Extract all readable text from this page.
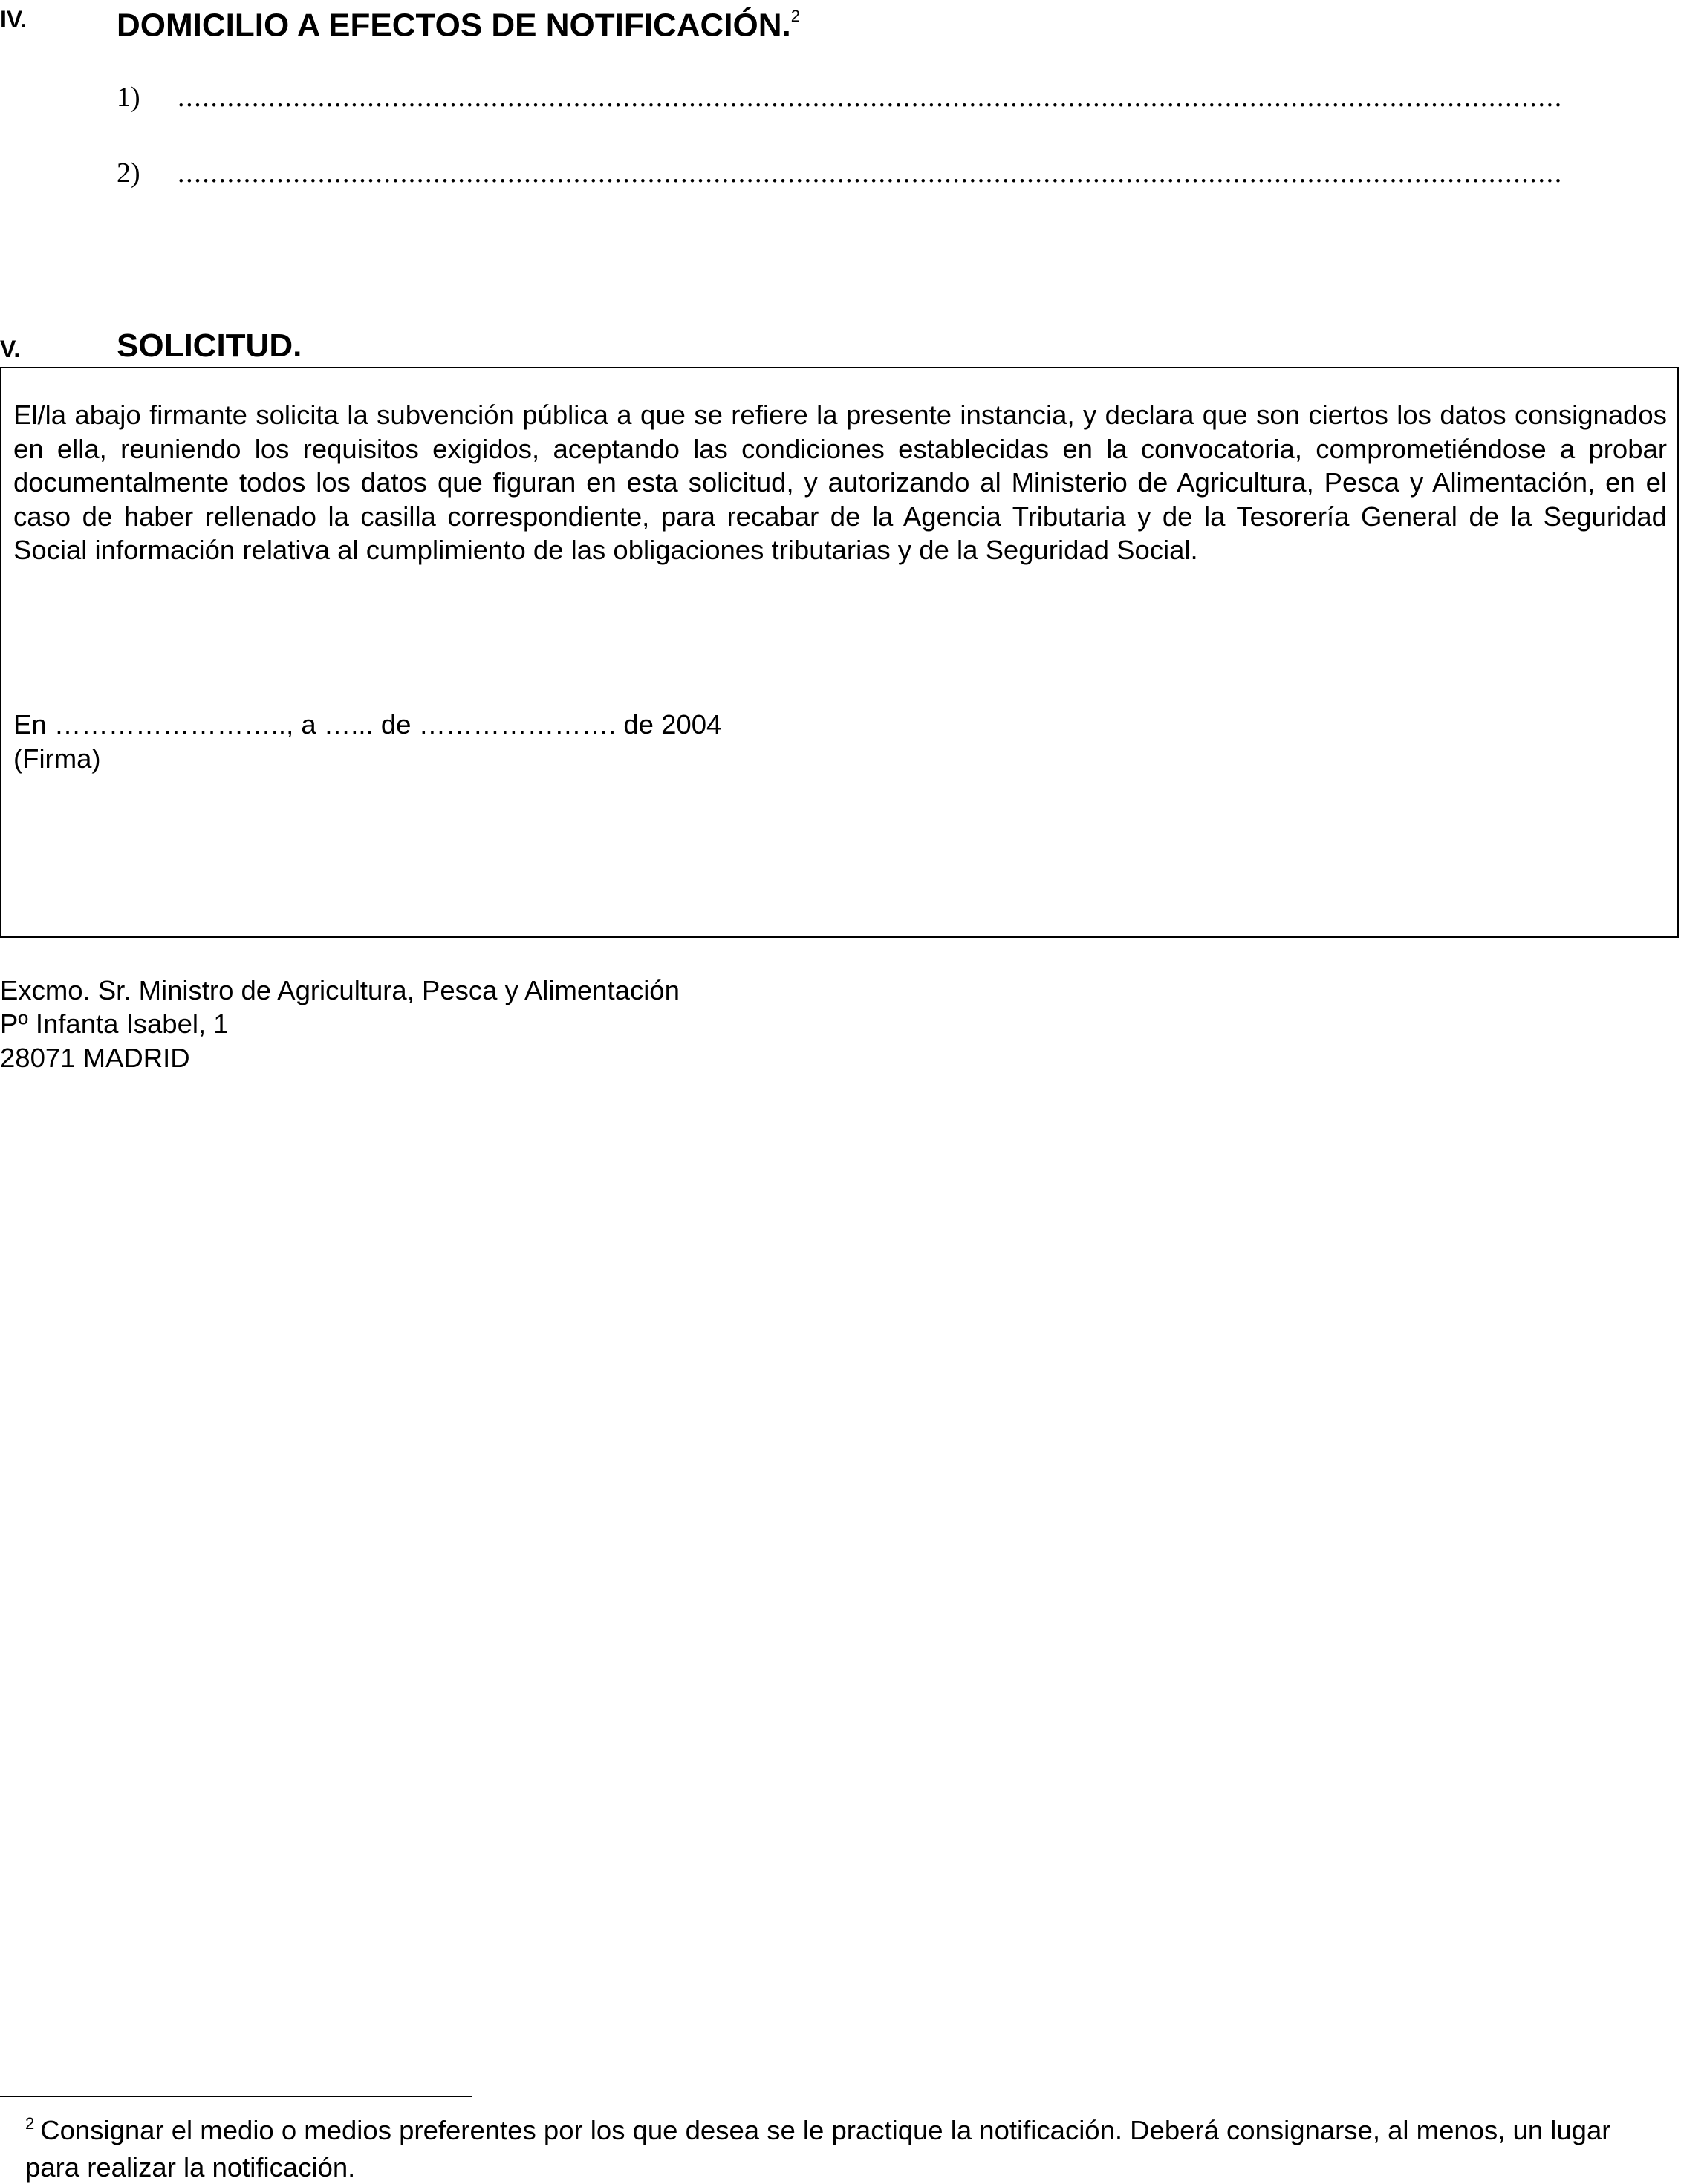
IV.	DOMICILIO A EFECTOS DE NOTIFICACIÓN.$^2$
1) ........................................................................................................................................................................
2) ........................................................................................................................................................................
V.	SOLICITUD.
El/la abajo firmante solicita la subvención pública a que se refiere la presente instancia, y declara que son ciertos los datos consignados en ella, reuniendo los requisitos exigidos, aceptando las condiciones establecidas en la convocatoria, comprometiéndose a probar documentalmente todos los datos que figuran en esta solicitud, y autorizando al Ministerio de Agricultura, Pesca y Alimentación, en el caso de haber rellenado la casilla correspondiente, para recabar de la Agencia Tributaria y de la Tesorería General de la Seguridad Social información relativa al cumplimiento de las obligaciones tributarias y de la Seguridad Social.
En …………………….., a …... de …………………. de 2004
(Firma)
Excmo. Sr. Ministro de Agricultura, Pesca y Alimentación
Pº Infanta Isabel, 1
28071 MADRID
$^2$ Consignar el medio o medios preferentes por los que desea se le practique la notificación. Deberá consignarse, al menos, un lugar para realizar la notificación.
